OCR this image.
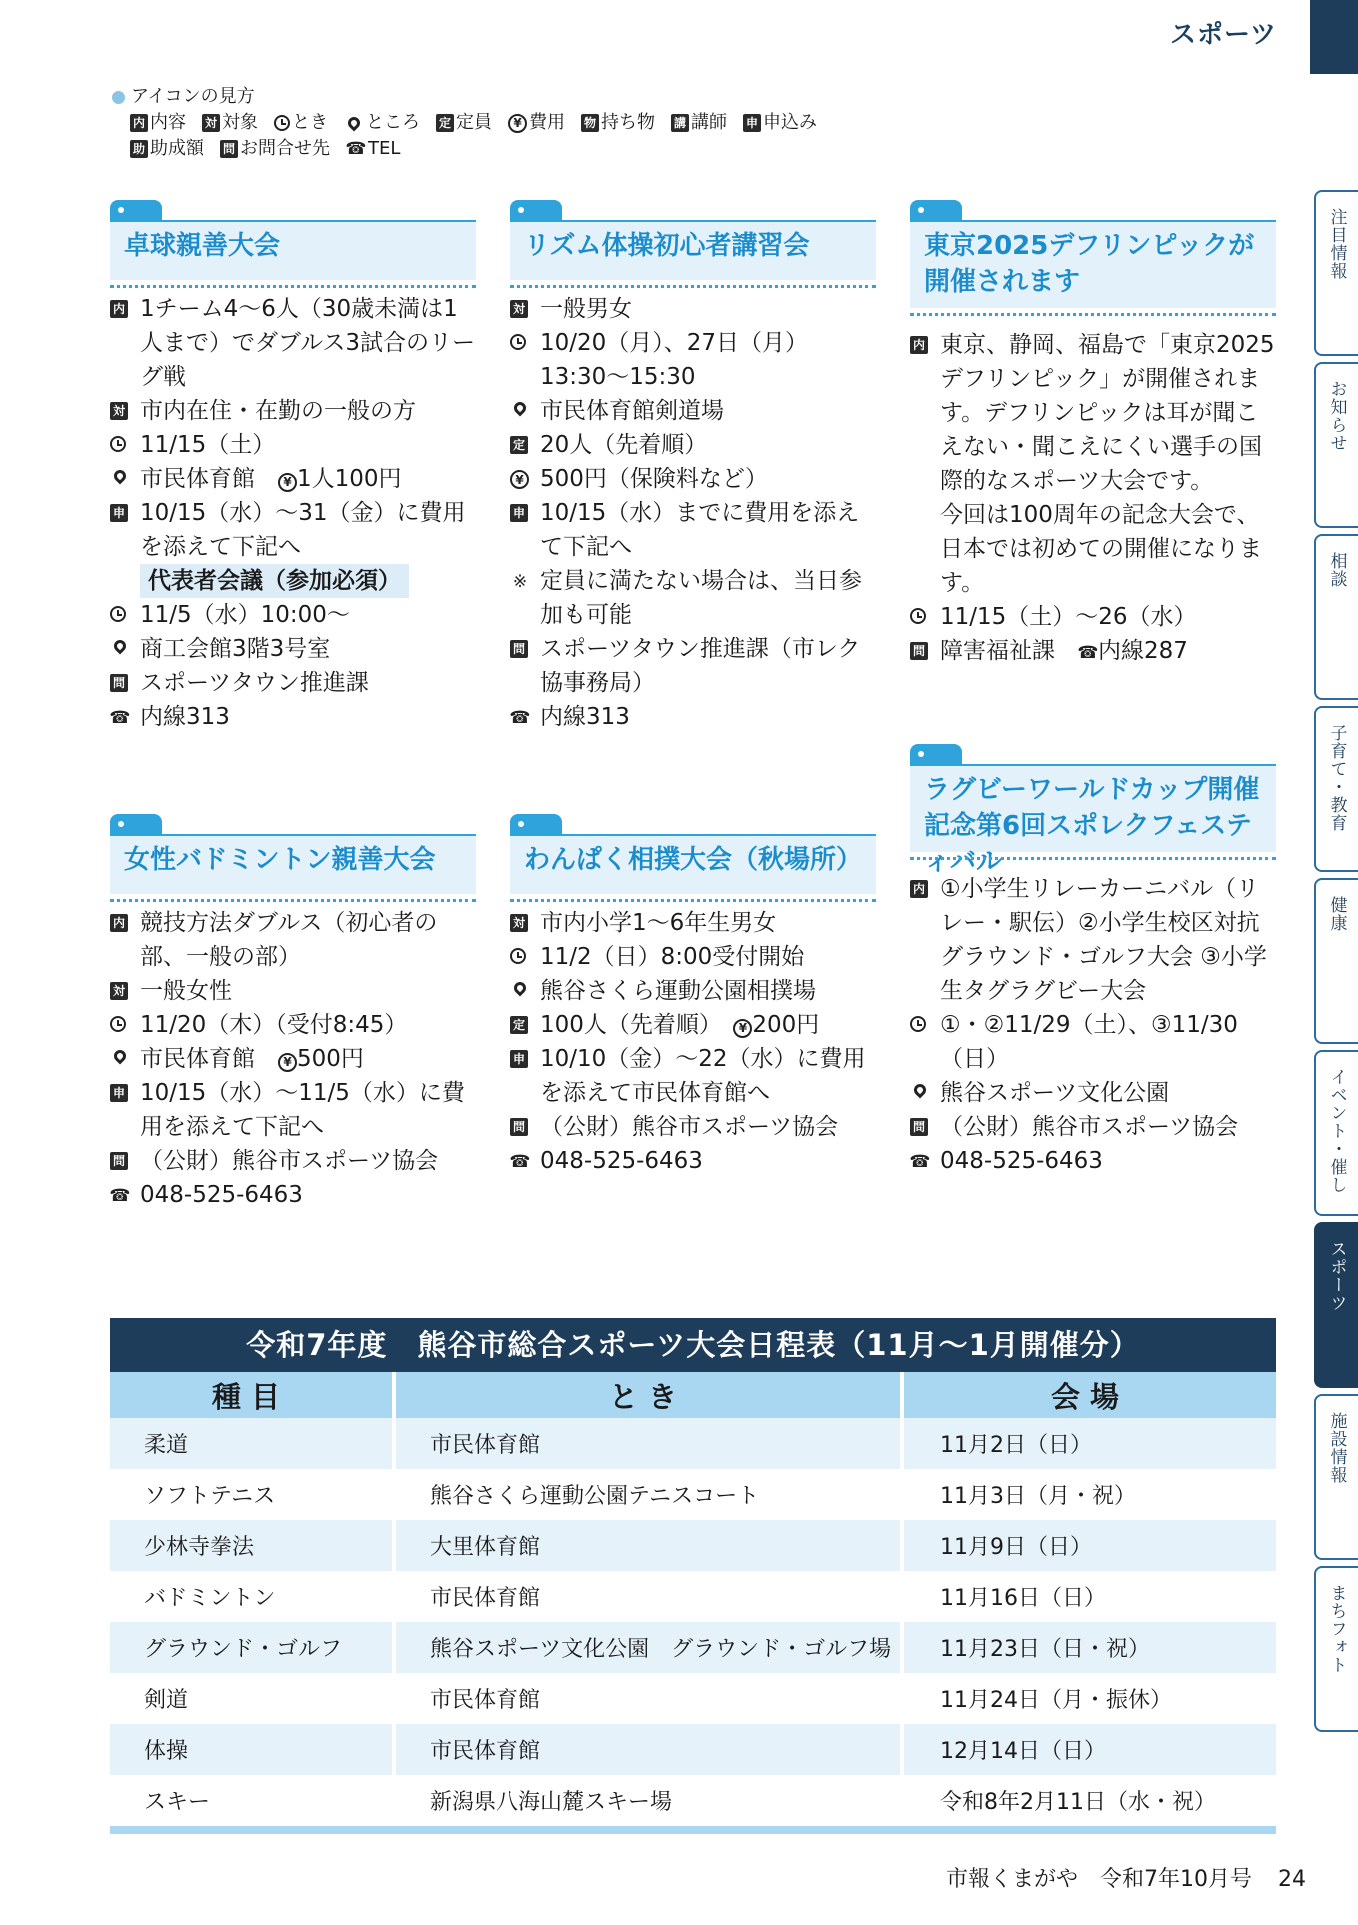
スポーツ
アイコンの見方
内 内容 対 対象 とき ところ 定 定員	¥ 費用 物 持ち物 講 講師 申 申込み
助 助成額 問 お問合せ先 ☎ TEL
卓球親善大会
内 1チーム4〜6人（30歳未満は1人まで）でダブルス3試合のリーグ戦
対 市内在住・在勤の一般の方
11/15（土）
市民体育館　 ¥ 1人100円
申 10/15（水）〜31（金）に費用を添えて下記へ
代表者会議（参加必須）
11/5（水）10:00〜
商工会館3階3号室
問 スポーツタウン推進課
☎ 内線313
リズム体操初心者講習会
対 一般男女
10/20（月）、27日（月）13:30〜15:30
市民体育館剣道場
定 20人（先着順）
¥ 500円（保険料など）
申 10/15（水）までに費用を添えて下記へ
※ 定員に満たない場合は、当日参加も可能
問 スポーツタウン推進課（市レク協事務局）
☎ 内線313
東京2025デフリンピックが開催されます
内 東京、静岡、福島で「東京2025デフリンピック」が開催されます。デフリンピックは耳が聞こえない・聞こえにくい選手の国際的なスポーツ大会です。
今回は100周年の記念大会で、日本では初めての開催になります。
11/15（土）〜26（水）
問 障害福祉課　 ☎内線287
女性バドミントン親善大会
内 競技方法ダブルス（初心者の部、一般の部）
対 一般女性
11/20（木）（受付8:45）
市民体育館　 ¥ 500円
申 10/15（水）〜11/5（水）に費用を添えて下記へ
問 （公財）熊谷市スポーツ協会
☎ 048-525-6463
わんぱく相撲大会（秋場所）
対 市内小学1〜6年生男女
11/2（日）8:00受付開始
熊谷さくら運動公園相撲場
定 100人（先着順）　 ¥ 200円
申 10/10（金）〜22（水）に費用を添えて市民体育館へ
問 （公財）熊谷市スポーツ協会
☎ 048-525-6463
ラグビーワールドカップ開催記念第6回スポレクフェスティバル
内 ①小学生リレーカーニバル（リレー・駅伝）②小学生校区対抗グラウンド・ゴルフ大会 ③小学生タグラグビー大会
①・②11/29（土）、③11/30（日）
熊谷スポーツ文化公園
問 （公財）熊谷市スポーツ協会
☎ 048-525-6463
令和7年度　熊谷市総合スポーツ大会日程表（11月〜1月開催分）
種目	とき	会場
柔道	市民体育館	11月2日（日）
ソフトテニス	熊谷さくら運動公園テニスコート	11月3日（月・祝）
少林寺拳法	大里体育館	11月9日（日）
バドミントン	市民体育館	11月16日（日）
グラウンド・ゴルフ	熊谷スポーツ文化公園　グラウンド・ゴルフ場	11月23日（日・祝）
剣道	市民体育館	11月24日（月・振休）
体操	市民体育館	12月14日（日）
スキー	新潟県八海山麓スキー場	令和8年2月11日（水・祝）
市報くまがや　令和7年10月号 24
注目情報
お知らせ
相談
子育て・教育
健康
イベント・催し
スポーツ
施設情報
まちフォト
